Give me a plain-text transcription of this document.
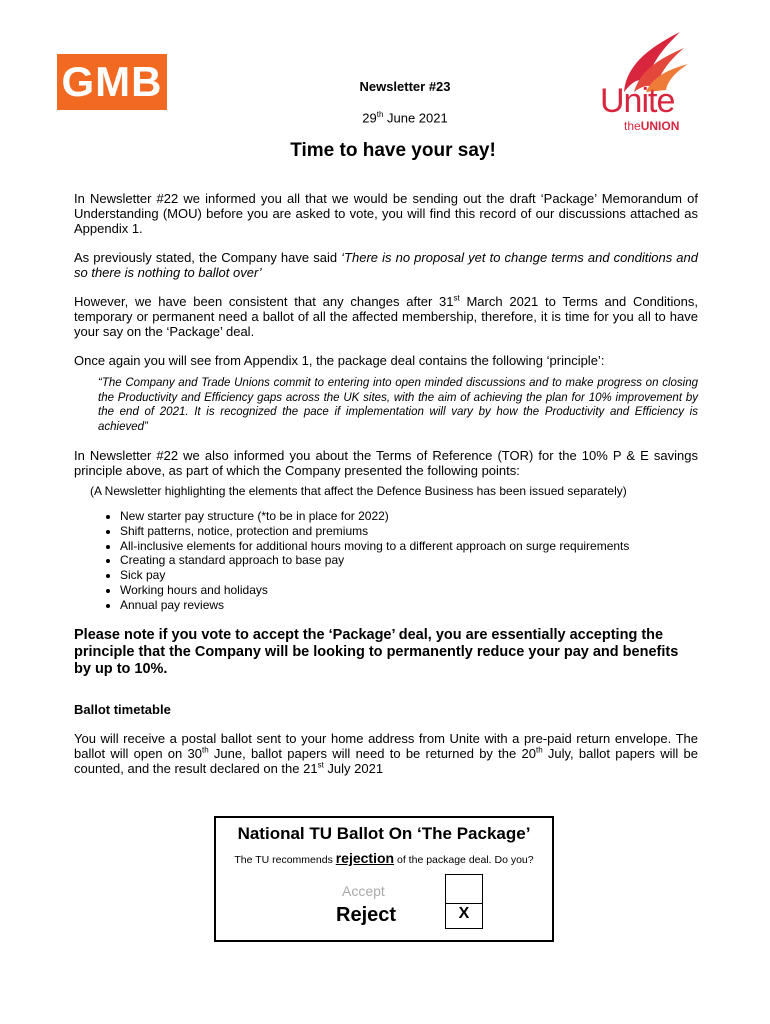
GMB	Unite
theUNION
Newsletter #23
29th June 2021
Time to have your say!

In Newsletter #22 we informed you all that we would be sending out the draft ‘Package’ Memorandum of Understanding (MOU) before you are asked to vote, you will find this record of our discussions attached as Appendix 1.

As previously stated, the Company have said ‘There is no proposal yet to change terms and conditions and so there is nothing to ballot over’

However, we have been consistent that any changes after 31st March 2021 to Terms and Conditions, temporary or permanent need a ballot of all the affected membership, therefore, it is time for you all to have your say on the ‘Package’ deal.

Once again you will see from Appendix 1, the package deal contains the following ‘principle’:

“The Company and Trade Unions commit to entering into open minded discussions and to make progress on closing the Productivity and Efficiency gaps across the UK sites, with the aim of achieving the plan for 10% improvement by the end of 2021. It is recognized the pace if implementation will vary by how the Productivity and Efficiency is achieved”

In Newsletter #22 we also informed you about the Terms of Reference (TOR) for the 10% P & E savings principle above, as part of which the Company presented the following points:

(A Newsletter highlighting the elements that affect the Defence Business has been issued separately)

• New starter pay structure (*to be in place for 2022)
• Shift patterns, notice, protection and premiums
• All-inclusive elements for additional hours moving to a different approach on surge requirements
• Creating a standard approach to base pay
• Sick pay
• Working hours and holidays
• Annual pay reviews

Please note if you vote to accept the ‘Package’ deal, you are essentially accepting the principle that the Company will be looking to permanently reduce your pay and benefits by up to 10%.

Ballot timetable

You will receive a postal ballot sent to your home address from Unite with a pre-paid return envelope. The ballot will open on 30th June, ballot papers will need to be returned by the 20th July, ballot papers will be counted, and the result declared on the 21st July 2021

National TU Ballot On ‘The Package’
The TU recommends rejection of the package deal. Do you?
Accept
Reject	X
